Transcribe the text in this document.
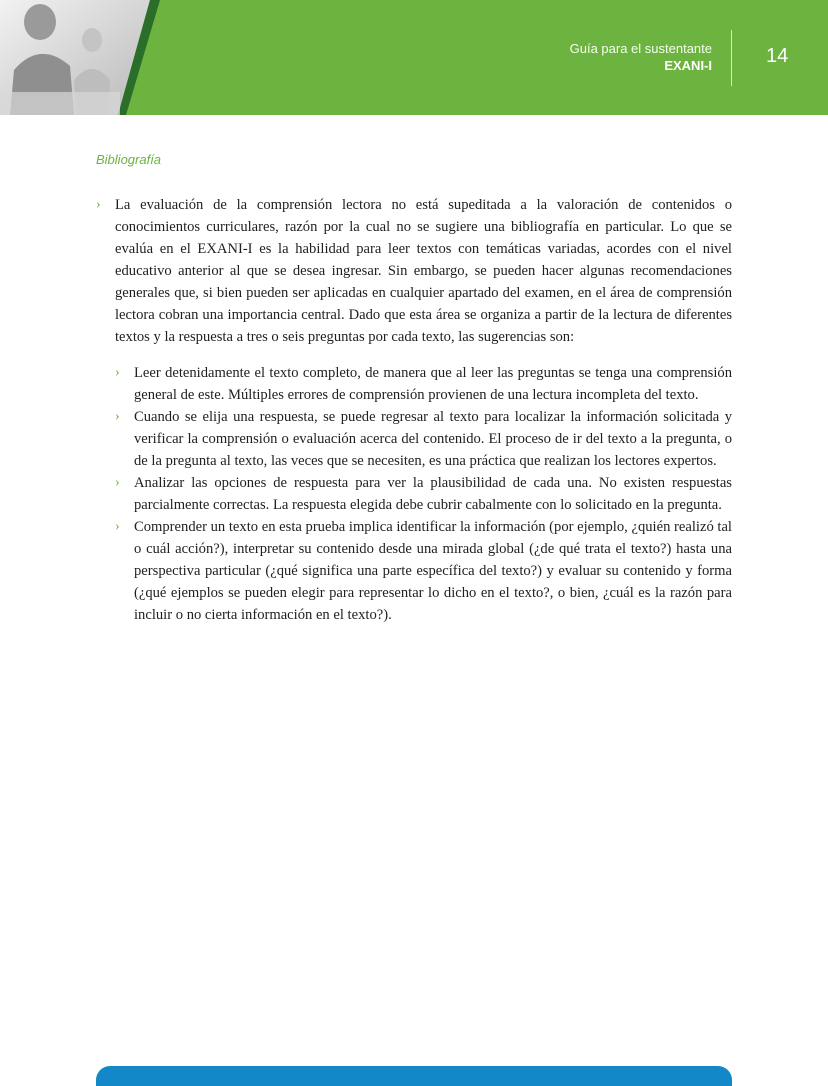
Guía para el sustentante
EXANI-I	14
Bibliografía
› La evaluación de la comprensión lectora no está supeditada a la valoración de contenidos o conocimientos curriculares, razón por la cual no se sugiere una bibliografía en particular. Lo que se evalúa en el EXANI-I es la habilidad para leer textos con temáticas variadas, acordes con el nivel educativo anterior al que se desea ingresar. Sin embargo, se pueden hacer algunas recomendaciones generales que, si bien pueden ser aplicadas en cualquier apartado del examen, en el área de comprensión lectora cobran una importancia central. Dado que esta área se organiza a partir de la lectura de diferentes textos y la respuesta a tres o seis preguntas por cada texto, las sugerencias son:
› Leer detenidamente el texto completo, de manera que al leer las preguntas se tenga una comprensión general de este. Múltiples errores de comprensión provienen de una lectura incompleta del texto.
› Cuando se elija una respuesta, se puede regresar al texto para localizar la información solicitada y verificar la comprensión o evaluación acerca del contenido. El proceso de ir del texto a la pregunta, o de la pregunta al texto, las veces que se necesiten, es una práctica que realizan los lectores expertos.
› Analizar las opciones de respuesta para ver la plausibilidad de cada una. No existen respuestas parcialmente correctas. La respuesta elegida debe cubrir cabalmente con lo solicitado en la pregunta.
› Comprender un texto en esta prueba implica identificar la información (por ejemplo, ¿quién realizó tal o cuál acción?), interpretar su contenido desde una mirada global (¿de qué trata el texto?) hasta una perspectiva particular (¿qué significa una parte específica del texto?) y evaluar su contenido y forma (¿qué ejemplos se pueden elegir para representar lo dicho en el texto?, o bien, ¿cuál es la razón para incluir o no cierta información en el texto?).
